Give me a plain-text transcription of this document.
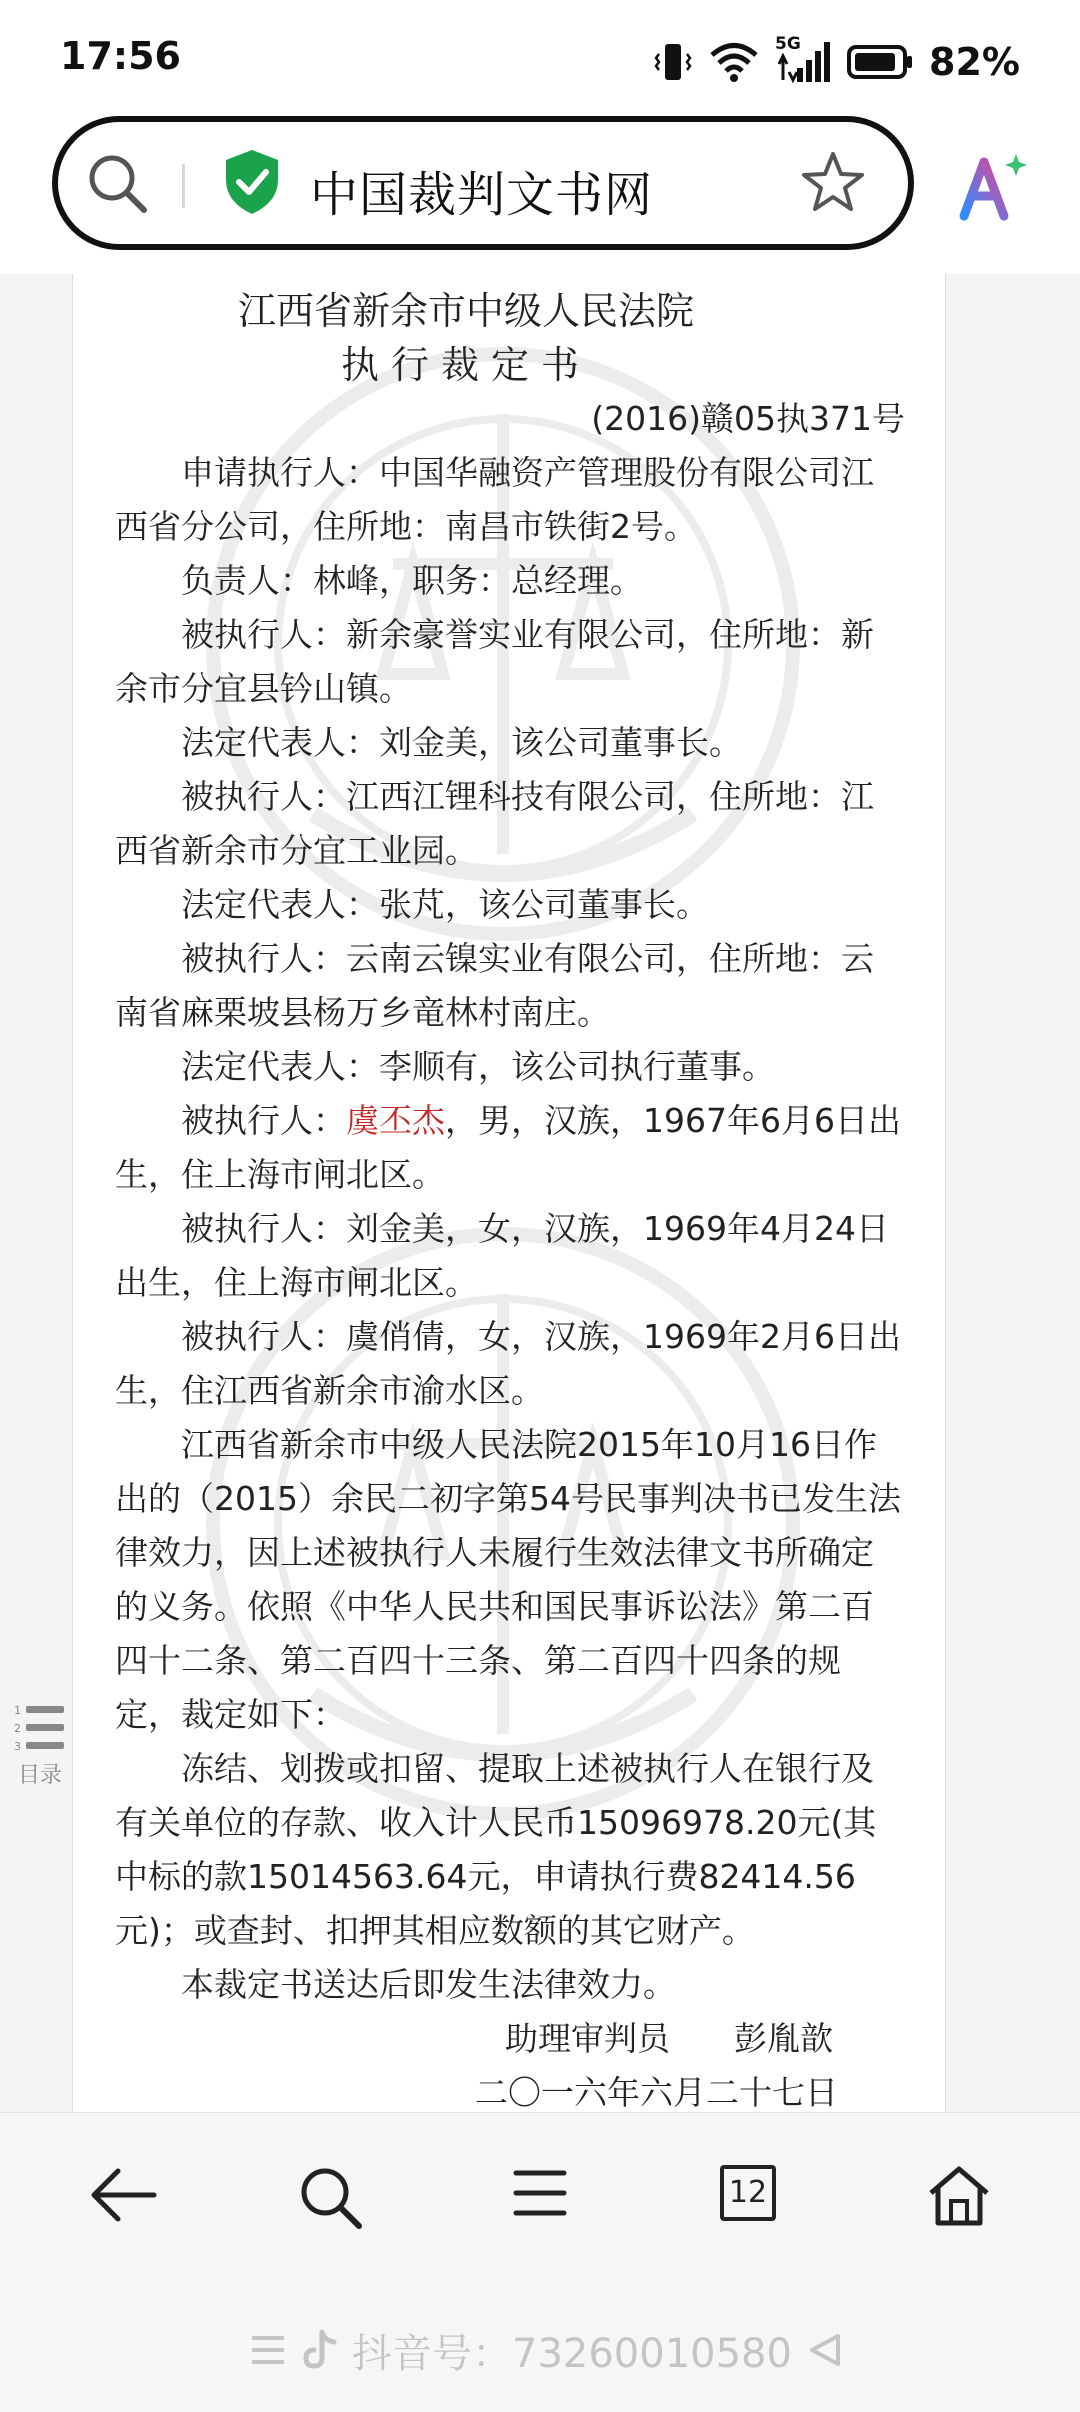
17:56	5G	82%
中国裁判文书网
江西省新余市中级人民法院
执行裁定书
(2016)赣05执371号

申请执行人：中国华融资产管理股份有限公司江西省分公司，住所地：南昌市铁街2号。

负责人：林峰，职务：总经理。

被执行人：新余豪誉实业有限公司，住所地：新余市分宜县钤山镇。

法定代表人：刘金美，该公司董事长。

被执行人：江西江锂科技有限公司，住所地：江西省新余市分宜工业园。

法定代表人：张芃，该公司董事长。

被执行人：云南云镍实业有限公司，住所地：云南省麻栗坡县杨万乡竜林村南庄。

法定代表人：李顺有，该公司执行董事。

被执行人：虞丕杰，男，汉族，1967年6月6日出生，住上海市闸北区。

被执行人：刘金美，女，汉族，1969年4月24日出生，住上海市闸北区。

被执行人：虞俏倩，女，汉族，1969年2月6日出生，住江西省新余市渝水区。

江西省新余市中级人民法院2015年10月16日作出的（2015）余民二初字第54号民事判决书已发生法律效力，因上述被执行人未履行生效法律文书所确定的义务。依照《中华人民共和国民事诉讼法》第二百四十二条、第二百四十三条、第二百四十四条的规定，裁定如下：

冻结、划拨或扣留、提取上述被执行人在银行及有关单位的存款、收入计人民币15096978.20元(其中标的款15014563.64元，申请执行费82414.56元)；或查封、扣押其相应数额的其它财产。

本裁定书送达后即发生法律效力。

助理审判员 彭胤歆
二〇一六年六月二十七日
1
2
3
目录
12
抖音号：73260010580
